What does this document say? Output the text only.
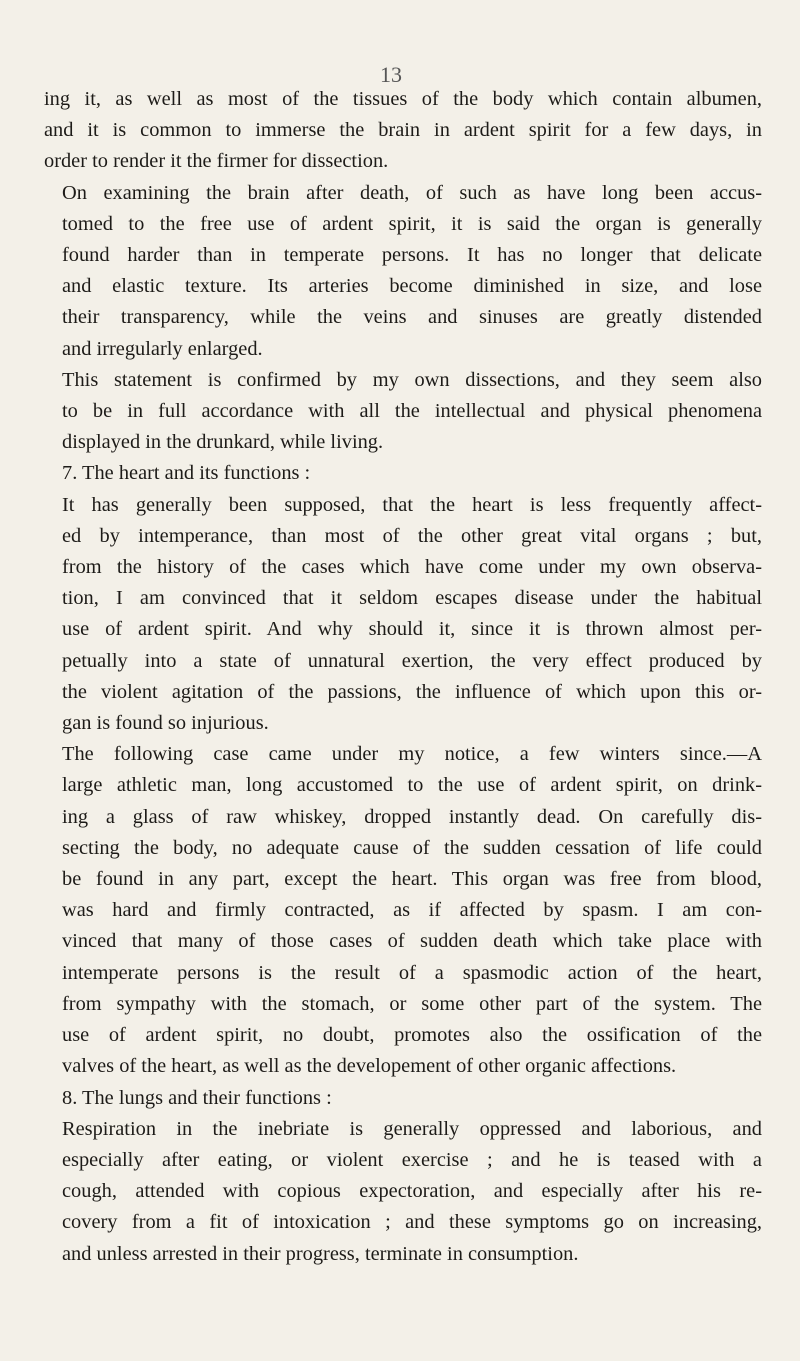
13
ing it, as well as most of the tissues of the body which contain albumen,
and it is common to immerse the brain in ardent spirit for a few days, in
order to render it the firmer for dissection.
On examining the brain after death, of such as have long been accus-
tomed to the free use of ardent spirit, it is said the organ is generally
found harder than in temperate persons. It has no longer that delicate
and elastic texture. Its arteries become diminished in size, and lose
their transparency, while the veins and sinuses are greatly distended
and irregularly enlarged.
This statement is confirmed by my own dissections, and they seem also
to be in full accordance with all the intellectual and physical phenomena
displayed in the drunkard, while living.
7. The heart and its functions :
It has generally been supposed, that the heart is less frequently affect-
ed by intemperance, than most of the other great vital organs ; but,
from the history of the cases which have come under my own observa-
tion, I am convinced that it seldom escapes disease under the habitual
use of ardent spirit. And why should it, since it is thrown almost per-
petually into a state of unnatural exertion, the very effect produced by
the violent agitation of the passions, the influence of which upon this or-
gan is found so injurious.
The following case came under my notice, a few winters since.—A
large athletic man, long accustomed to the use of ardent spirit, on drink-
ing a glass of raw whiskey, dropped instantly dead. On carefully dis-
secting the body, no adequate cause of the sudden cessation of life could
be found in any part, except the heart. This organ was free from blood,
was hard and firmly contracted, as if affected by spasm. I am con-
vinced that many of those cases of sudden death which take place with
intemperate persons is the result of a spasmodic action of the heart,
from sympathy with the stomach, or some other part of the system. The
use of ardent spirit, no doubt, promotes also the ossification of the
valves of the heart, as well as the developement of other organic affections.
8. The lungs and their functions :
Respiration in the inebriate is generally oppressed and laborious, and
especially after eating, or violent exercise ; and he is teased with a
cough, attended with copious expectoration, and especially after his re-
covery from a fit of intoxication ; and these symptoms go on increasing,
and unless arrested in their progress, terminate in consumption.
